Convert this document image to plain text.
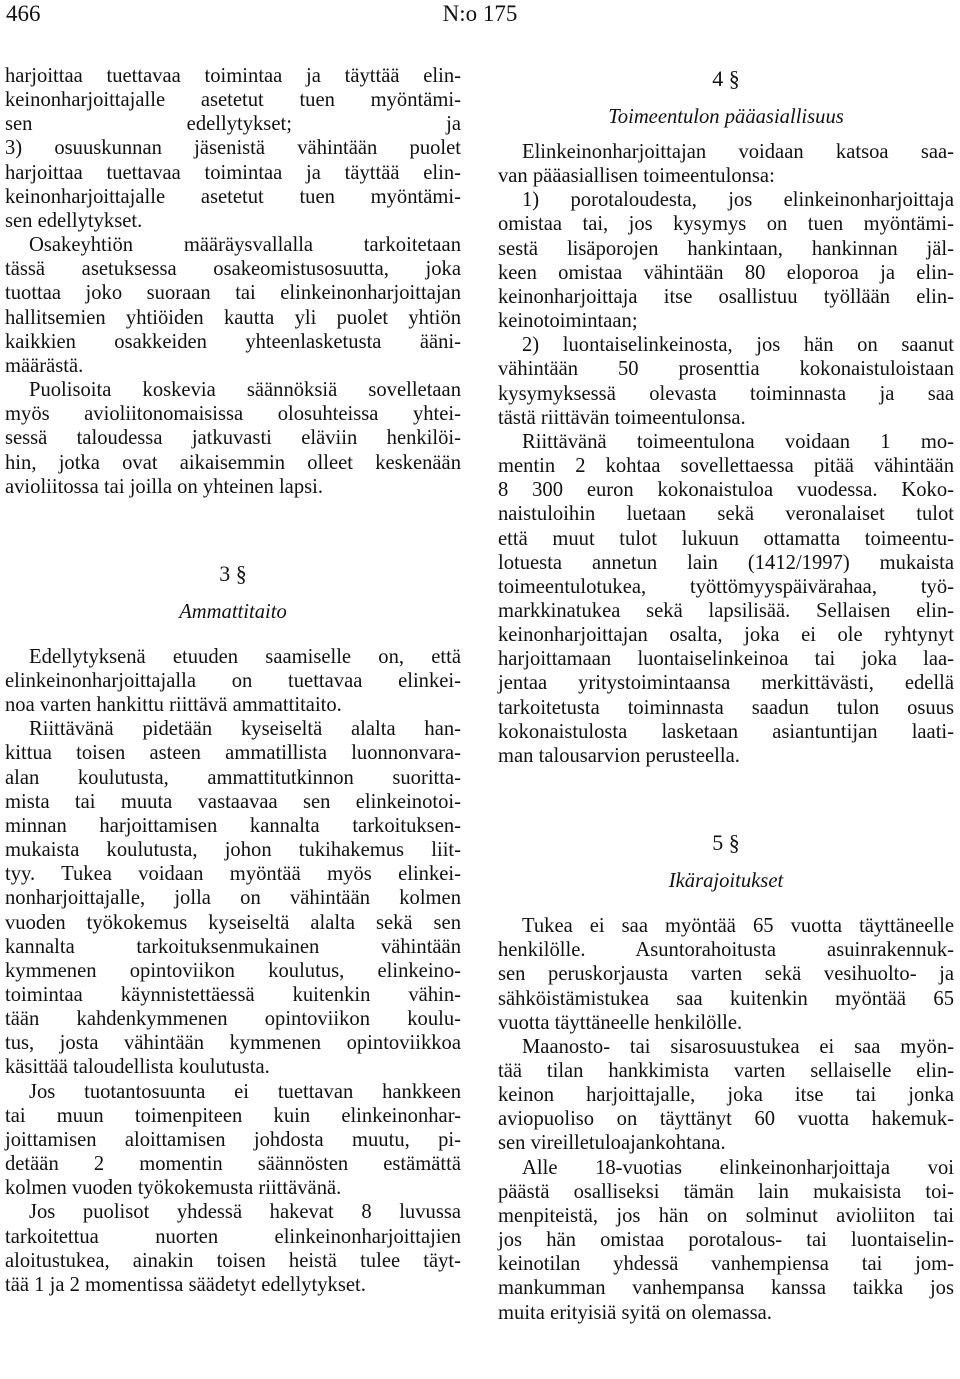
466	N:o 175

harjoittaa tuettavaa toimintaa ja täyttää elin-
keinonharjoittajalle asetetut tuen myöntämi-
sen edellytykset; ja
3) osuuskunnan jäsenistä vähintään puolet
harjoittaa tuettavaa toimintaa ja täyttää elin-
keinonharjoittajalle asetetut tuen myöntämi-
sen edellytykset.

Osakeyhtiön määräysvallalla tarkoitetaan
tässä asetuksessa osakeomistusosuutta, joka
tuottaa joko suoraan tai elinkeinonharjoittajan
hallitsemien yhtiöiden kautta yli puolet yhtiön
kaikkien osakkeiden yhteenlasketusta ääni-
määrästä.

Puolisoita koskevia säännöksiä sovelletaan
myös avioliitonomaisissa olosuhteissa yhtei-
sessä taloudessa jatkuvasti eläviin henkilöi-
hin, jotka ovat aikaisemmin olleet keskenään
avioliitossa tai joilla on yhteinen lapsi.

3 §
Ammattitaito

Edellytyksenä etuuden saamiselle on, että
elinkeinonharjoittajalla on tuettavaa elinkei-
noa varten hankittu riittävä ammattitaito.

Riittävänä pidetään kyseiseltä alalta han-
kittua toisen asteen ammatillista luonnonvara-
alan koulutusta, ammattitutkinnon suoritta-
mista tai muuta vastaavaa sen elinkeinotoi-
minnan harjoittamisen kannalta tarkoituksen-
mukaista koulutusta, johon tukihakemus liit-
tyy. Tukea voidaan myöntää myös elinkei-
nonharjoittajalle, jolla on vähintään kolmen
vuoden työkokemus kyseiseltä alalta sekä sen
kannalta tarkoituksenmukainen vähintään
kymmenen opintoviikon koulutus, elinkeino-
toimintaa käynnistettäessä kuitenkin vähin-
tään kahdenkymmenen opintoviikon koulu-
tus, josta vähintään kymmenen opintoviikkoa
käsittää taloudellista koulutusta.

Jos tuotantosuunta ei tuettavan hankkeen
tai muun toimenpiteen kuin elinkeinonhar-
joittamisen aloittamisen johdosta muutu, pi-
detään 2 momentin säännösten estämättä
kolmen vuoden työkokemusta riittävänä.

Jos puolisot yhdessä hakevat 8 luvussa
tarkoitettua nuorten elinkeinonharjoittajien
aloitustukea, ainakin toisen heistä tulee täyt-
tää 1 ja 2 momentissa säädetyt edellytykset.

4 §
Toimeentulon pääasiallisuus

Elinkeinonharjoittajan voidaan katsoa saa-
van pääasiallisen toimeentulonsa:

1) porotaloudesta, jos elinkeinonharjoittaja
omistaa tai, jos kysymys on tuen myöntämi-
sestä lisäporojen hankintaan, hankinnan jäl-
keen omistaa vähintään 80 eloporoa ja elin-
keinonharjoittaja itse osallistuu työllään elin-
keinotoimintaan;

2) luontaiselinkeinosta, jos hän on saanut
vähintään 50 prosenttia kokonaistuloistaan
kysymyksessä olevasta toiminnasta ja saa
tästä riittävän toimeentulonsa.

Riittävänä toimeentulona voidaan 1 mo-
mentin 2 kohtaa sovellettaessa pitää vähintään
8 300 euron kokonaistuloa vuodessa. Koko-
naistuloihin luetaan sekä veronalaiset tulot
että muut tulot lukuun ottamatta toimeentu-
lotuesta annetun lain (1412/1997) mukaista
toimeentulotukea, työttömyyspäivärahaa, työ-
markkinatukea sekä lapsilisää. Sellaisen elin-
keinonharjoittajan osalta, joka ei ole ryhtynyt
harjoittamaan luontaiselinkeinoa tai joka laa-
jentaa yritystoimintaansa merkittävästi, edellä
tarkoitetusta toiminnasta saadun tulon osuus
kokonaistulosta lasketaan asiantuntijan laati-
man talousarvion perusteella.

5 §
Ikärajoitukset

Tukea ei saa myöntää 65 vuotta täyttäneelle
henkilölle. Asuntorahoitusta asuinrakennuk-
sen peruskorjausta varten sekä vesihuolto- ja
sähköistämistukea saa kuitenkin myöntää 65
vuotta täyttäneelle henkilölle.

Maanosto- tai sisarosuustukea ei saa myön-
tää tilan hankkimista varten sellaiselle elin-
keinon harjoittajalle, joka itse tai jonka
aviopuoliso on täyttänyt 60 vuotta hakemuk-
sen vireilletuloajankohtana.

Alle 18-vuotias elinkeinonharjoittaja voi
päästä osalliseksi tämän lain mukaisista toi-
menpiteistä, jos hän on solminut avioliiton tai
jos hän omistaa porotalous- tai luontaiselin-
keinotilan yhdessä vanhempiensa tai jom-
mankumman vanhempansa kanssa taikka jos
muita erityisiä syitä on olemassa.
